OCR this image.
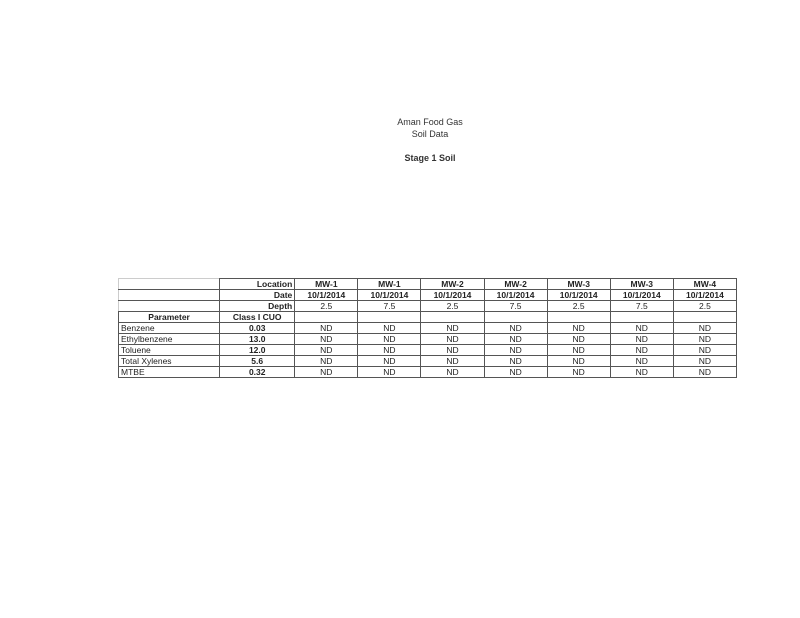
Aman Food Gas
Soil Data
Stage 1 Soil
	Location	MW-1	MW-1	MW-2	MW-2	MW-3	MW-3	MW-4
	Date	10/1/2014	10/1/2014	10/1/2014	10/1/2014	10/1/2014	10/1/2014	10/1/2014
	Depth	2.5	7.5	2.5	7.5	2.5	7.5	2.5
Parameter	Class I CUO							
Benzene	0.03	ND	ND	ND	ND	ND	ND	ND
Ethylbenzene	13.0	ND	ND	ND	ND	ND	ND	ND
Toluene	12.0	ND	ND	ND	ND	ND	ND	ND
Total Xylenes	5.6	ND	ND	ND	ND	ND	ND	ND
MTBE	0.32	ND	ND	ND	ND	ND	ND	ND
